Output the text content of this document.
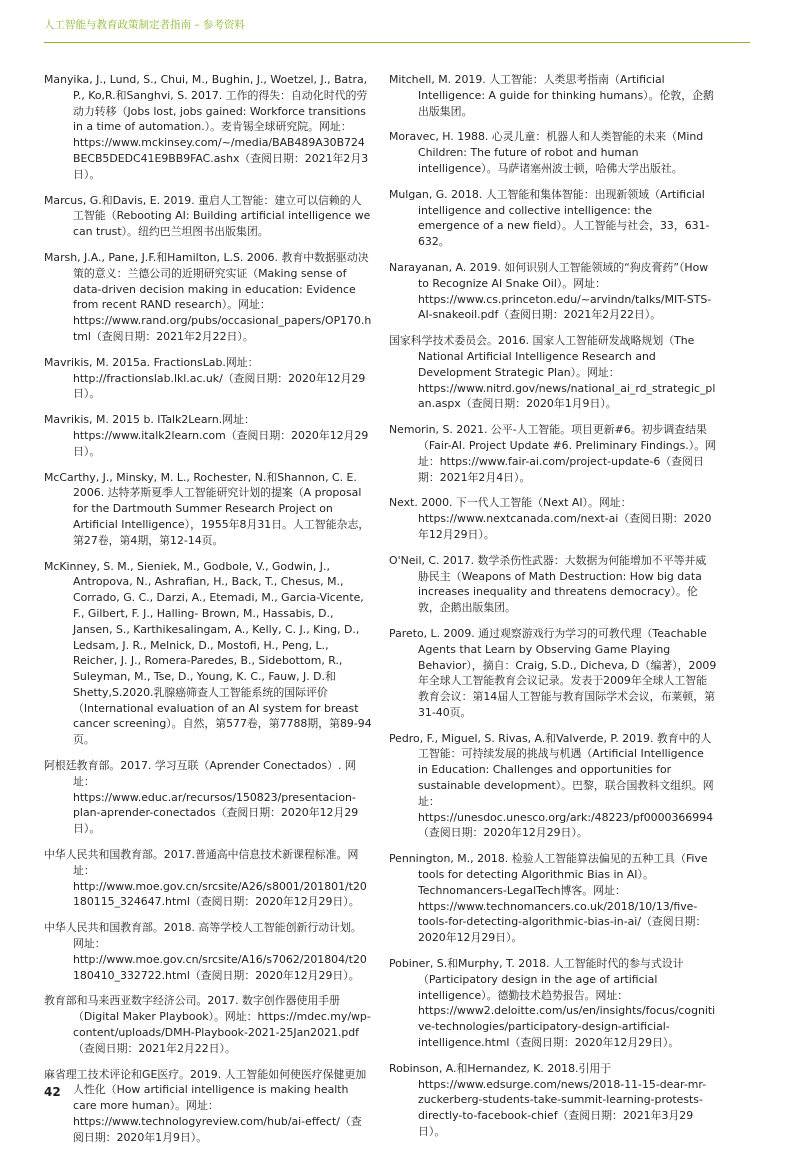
人工智能与教育政策制定者指南 – 参考资料

Manyika, J., Lund, S., Chui, M., Bughin, J., Woetzel, J., Batra, P., Ko,R.和Sanghvi, S. 2017. 工作的得失：自动化时代的劳动力转移（Jobs lost, jobs gained: Workforce transitions in a time of automation.）。麦肯锡全球研究院。网址：https://www.mckinsey.com/~/media/BAB489A30B724BECB5DEDC41E9BB9FAC.ashx（查阅日期：2021年2月3日）。

Marcus, G.和Davis, E. 2019. 重启人工智能：建立可以信赖的人工智能（Rebooting AI: Building artificial intelligence we can trust）。纽约巴兰坦图书出版集团。

Marsh, J.A., Pane, J.F.和Hamilton, L.S. 2006. 教育中数据驱动决策的意义：兰德公司的近期研究实证（Making sense of data-driven decision making in education: Evidence from recent RAND research）。网址：https://www.rand.org/pubs/occasional_papers/OP170.html（查阅日期：2021年2月22日）。

Mavrikis, M. 2015a. FractionsLab.网址：http://fractionslab.lkl.ac.uk/（查阅日期：2020年12月29日）。

Mavrikis, M. 2015 b. ITalk2Learn.网址：https://www.italk2learn.com（查阅日期：2020年12月29日）。

McCarthy, J., Minsky, M. L., Rochester, N.和Shannon, C. E. 2006. 达特茅斯夏季人工智能研究计划的提案（A proposal for the Dartmouth Summer Research Project on Artificial Intelligence），1955年8月31日。人工智能杂志，第27卷，第4期，第12-14页。

McKinney, S. M., Sieniek, M., Godbole, V., Godwin, J., Antropova, N., Ashrafian, H., Back, T., Chesus, M., Corrado, G. C., Darzi, A., Etemadi, M., Garcia-Vicente, F., Gilbert, F. J., Halling- Brown, M., Hassabis, D., Jansen, S., Karthikesalingam, A., Kelly, C. J., King, D., Ledsam, J. R., Melnick, D., Mostofi, H., Peng, L., Reicher, J. J., Romera-Paredes, B., Sidebottom, R., Suleyman, M., Tse, D., Young, K. C., Fauw, J. D.和Shetty,S.2020.乳腺癌筛查人工智能系统的国际评价（International evaluation of an AI system for breast cancer screening）。自然，第577卷，第7788期，第89-94页。

阿根廷教育部。2017. 学习互联（Aprender Conectados）. 网址：https://www.educ.ar/recursos/150823/presentacion-plan-aprender-conectados（查阅日期：2020年12月29日）。

中华人民共和国教育部。2017.普通高中信息技术新课程标准。网址：http://www.moe.gov.cn/srcsite/A26/s8001/201801/t20180115_324647.html（查阅日期：2020年12月29日）。

中华人民共和国教育部。2018. 高等学校人工智能创新行动计划。网址：http://www.moe.gov.cn/srcsite/A16/s7062/201804/t20180410_332722.html（查阅日期：2020年12月29日）。

教育部和马来西亚数字经济公司。2017. 数字创作器使用手册（Digital Maker Playbook）。网址：https://mdec.my/wp-content/uploads/DMH-Playbook-2021-25Jan2021.pdf（查阅日期：2021年2月22日）。

麻省理工技术评论和GE医疗。2019. 人工智能如何使医疗保健更加人性化（How artificial intelligence is making health care more human）。网址：https://www.technologyreview.com/hub/ai-effect/（查阅日期：2020年1月9日）。

Mitchell, M. 2019. 人工智能：人类思考指南（Artificial Intelligence: A guide for thinking humans）。伦敦，企鹅出版集团。

Moravec, H. 1988. 心灵儿童：机器人和人类智能的未来（Mind Children: The future of robot and human intelligence）。马萨诸塞州波士顿，哈佛大学出版社。

Mulgan, G. 2018. 人工智能和集体智能：出现新领域（Artificial intelligence and collective intelligence: the emergence of a new field）。人工智能与社会，33，631-632。

Narayanan, A. 2019. 如何识别人工智能领域的“狗皮膏药”（How to Recognize AI Snake Oil）。网址：https://www.cs.princeton.edu/~arvindn/talks/MIT-STS-AI-snakeoil.pdf（查阅日期：2021年2月22日）。

国家科学技术委员会。2016. 国家人工智能研发战略规划（The National Artificial Intelligence Research and Development Strategic Plan）。网址：https://www.nitrd.gov/news/national_ai_rd_strategic_plan.aspx（查阅日期：2020年1月9日）。

Nemorin, S. 2021. 公平-人工智能。项目更新#6。初步调查结果（Fair-AI. Project Update #6. Preliminary Findings.）。网址：https://www.fair-ai.com/project-update-6（查阅日期：2021年2月4日）。

Next. 2000. 下一代人工智能（Next AI）。网址：https://www.nextcanada.com/next-ai（查阅日期：2020年12月29日）。

O'Neil, C. 2017. 数学杀伤性武器：大数据为何能增加不平等并威胁民主（Weapons of Math Destruction: How big data increases inequality and threatens democracy）。伦敦，企鹅出版集团。

Pareto, L. 2009. 通过观察游戏行为学习的可教代理（Teachable Agents that Learn by Observing Game Playing Behavior），摘自：Craig, S.D., Dicheva, D（编著），2009年全球人工智能教育会议记录。发表于2009年全球人工智能教育会议：第14届人工智能与教育国际学术会议，布莱顿，第31-40页。

Pedro, F., Miguel, S. Rivas, A.和Valverde, P. 2019. 教育中的人工智能：可持续发展的挑战与机遇（Artificial Intelligence in Education: Challenges and opportunities for sustainable development）。巴黎，联合国教科文组织。网址：https://unesdoc.unesco.org/ark:/48223/pf0000366994（查阅日期：2020年12月29日）。

Pennington, M., 2018. 检验人工智能算法偏见的五种工具（Five tools for detecting Algorithmic Bias in AI）。Technomancers-LegalTech博客。网址：https://www.technomancers.co.uk/2018/10/13/five-tools-for-detecting-algorithmic-bias-in-ai/（查阅日期：2020年12月29日）。

Pobiner, S.和Murphy, T. 2018. 人工智能时代的参与式设计（Participatory design in the age of artificial intelligence）。德勤技术趋势报告。网址：https://www2.deloitte.com/us/en/insights/focus/cognitive-technologies/participatory-design-artificial-intelligence.html（查阅日期：2020年12月29日）。

Robinson, A.和Hernandez, K. 2018.引用于https://www.edsurge.com/news/2018-11-15-dear-mr-zuckerberg-students-take-summit-learning-protests-directly-to-facebook-chief（查阅日期：2021年3月29日）。

42
